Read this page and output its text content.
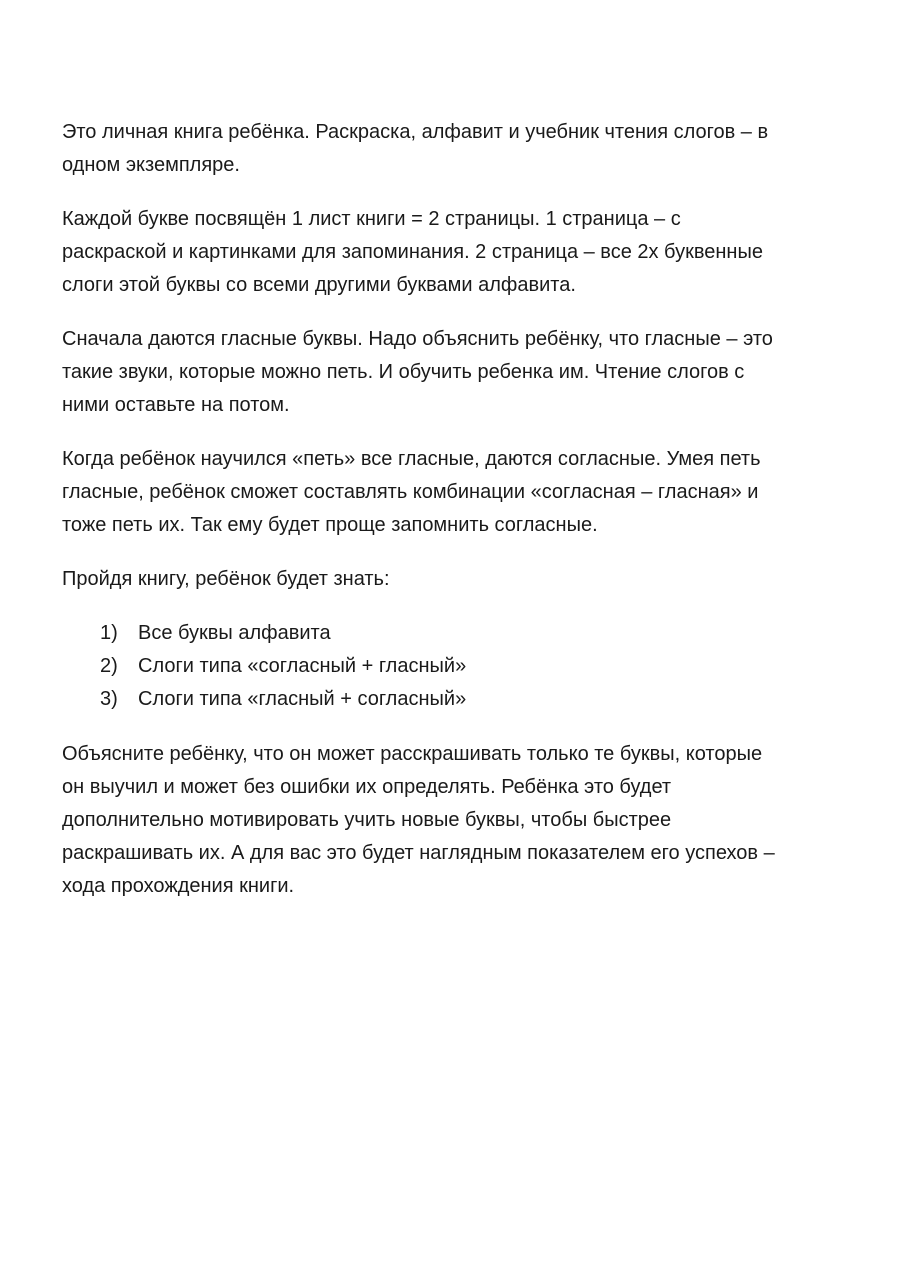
Это личная книга ребёнка. Раскраска, алфавит и учебник чтения слогов – в
одном экземпляре.

Каждой букве посвящён 1 лист книги = 2 страницы. 1 страница – с
раскраской и картинками для запоминания. 2 страница – все 2х буквенные
слоги этой буквы со всеми другими буквами алфавита.

Сначала даются гласные буквы. Надо объяснить ребёнку, что гласные – это
такие звуки, которые можно петь. И обучить ребенка им. Чтение слогов с
ними оставьте на потом.

Когда ребёнок научился «петь» все гласные, даются согласные. Умея петь
гласные, ребёнок сможет составлять комбинации «согласная – гласная» и
тоже петь их. Так ему будет проще запомнить согласные.

Пройдя книгу, ребёнок будет знать:

1) Все буквы алфавита
2) Слоги типа «согласный + гласный»
3) Слоги типа «гласный + согласный»

Объясните ребёнку, что он может расскрашивать только те буквы, которые
он выучил и может без ошибки их определять. Ребёнка это будет
дополнительно мотивировать учить новые буквы, чтобы быстрее
раскрашивать их. А для вас это будет наглядным показателем его успехов –
хода прохождения книги.
